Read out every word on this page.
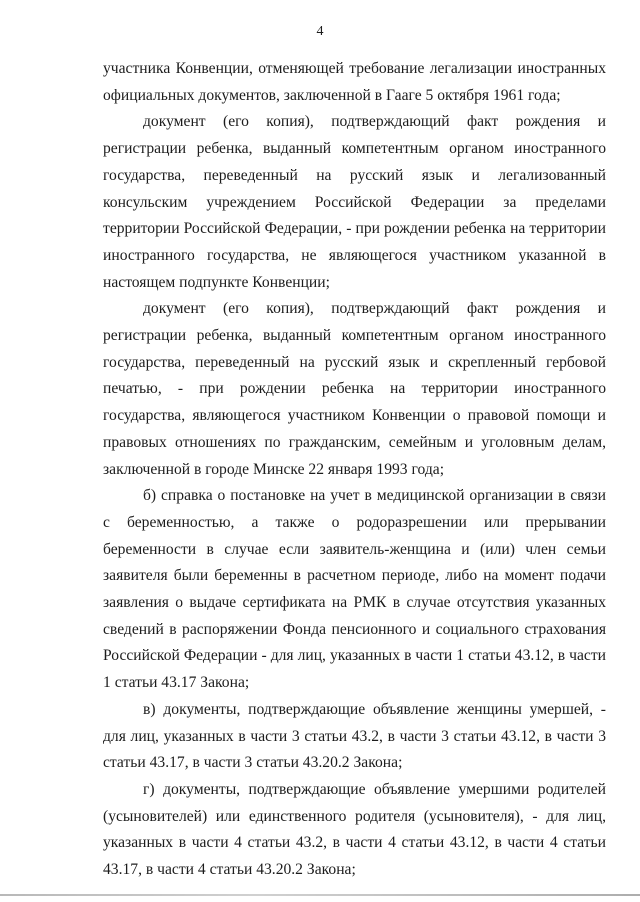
4

участника Конвенции, отменяющей требование легализации иностранных официальных документов, заключенной в Гааге 5 октября 1961 года;

документ (его копия), подтверждающий факт рождения и регистрации ребенка, выданный компетентным органом иностранного государства, переведенный на русский язык и легализованный консульским учреждением Российской Федерации за пределами территории Российской Федерации, - при рождении ребенка на территории иностранного государства, не являющегося участником указанной в настоящем подпункте Конвенции;

документ (его копия), подтверждающий факт рождения и регистрации ребенка, выданный компетентным органом иностранного государства, переведенный на русский язык и скрепленный гербовой печатью, - при рождении ребенка на территории иностранного государства, являющегося участником Конвенции о правовой помощи и правовых отношениях по гражданским, семейным и уголовным делам, заключенной в городе Минске 22 января 1993 года;

б) справка о постановке на учет в медицинской организации в связи с беременностью, а также о родоразрешении или прерывании беременности в случае если заявитель-женщина и (или) член семьи заявителя были беременны в расчетном периоде, либо на момент подачи заявления о выдаче сертификата на РМК в случае отсутствия указанных сведений в распоряжении Фонда пенсионного и социального страхования Российской Федерации - для лиц, указанных в части 1 статьи 43.12, в части 1 статьи 43.17 Закона;

в) документы, подтверждающие объявление женщины умершей, - для лиц, указанных в части 3 статьи 43.2, в части 3 статьи 43.12, в части 3 статьи 43.17, в части 3 статьи 43.20.2 Закона;

г) документы, подтверждающие объявление умершими родителей (усыновителей) или единственного родителя (усыновителя), - для лиц, указанных в части 4 статьи 43.2, в части 4 статьи 43.12, в части 4 статьи 43.17, в части 4 статьи 43.20.2 Закона;
